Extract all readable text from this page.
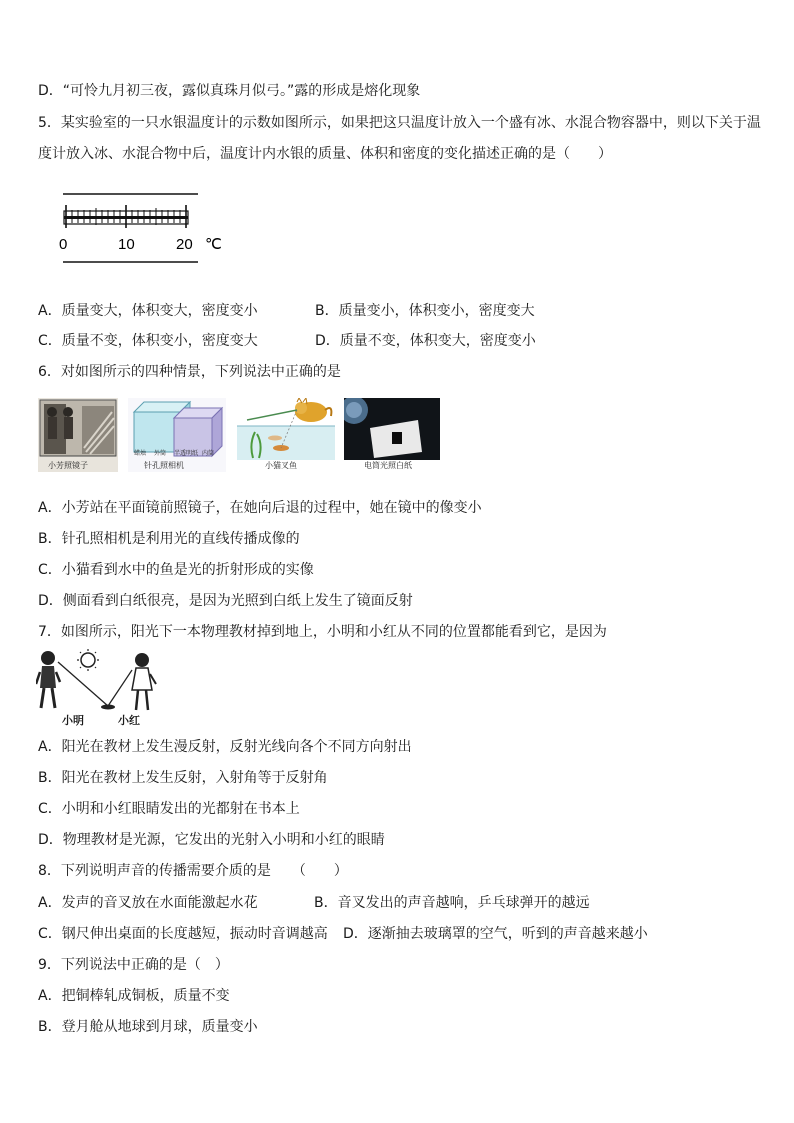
D．“可怜九月初三夜，露似真珠月似弓。”露的形成是熔化现象
5．某实验室的一只水银温度计的示数如图所示，如果把这只温度计放入一个盛有冰、水混合物容器中，则以下关于温
度计放入冰、水混合物中后，温度计内水银的质量、体积和密度的变化描述正确的是（　　）
0	10	20 ℃
A．质量变大，体积变大，密度变小	B．质量变小，体积变小，密度变大
C．质量不变，体积变小，密度变大	D．质量不变，体积变大，密度变小
6．对如图所示的四种情景，下列说法中正确的是
小芳照镜子
蜡烛 外筒 半透明纸 内筒
针孔照相机	小猫叉鱼	电筒光照白纸
A．小芳站在平面镜前照镜子，在她向后退的过程中，她在镜中的像变小
B．针孔照相机是利用光的直线传播成像的
C．小猫看到水中的鱼是光的折射形成的实像
D．侧面看到白纸很亮，是因为光照到白纸上发生了镜面反射
7．如图所示，阳光下一本物理教材掉到地上，小明和小红从不同的位置都能看到它，是因为
小明	小红
A．阳光在教材上发生漫反射，反射光线向各个不同方向射出
B．阳光在教材上发生反射，入射角等于反射角
C．小明和小红眼睛发出的光都射在书本上
D．物理教材是光源，它发出的光射入小明和小红的眼睛
8．下列说明声音的传播需要介质的是　　（　　）
A．发声的音叉放在水面能激起水花	B．音叉发出的声音越响，乒乓球弹开的越远
C．钢尺伸出桌面的长度越短，振动时音调越高 D．逐渐抽去玻璃罩的空气，听到的声音越来越小
9．下列说法中正确的是（　）
A．把铜棒轧成铜板，质量不变
B．登月舱从地球到月球，质量变小
